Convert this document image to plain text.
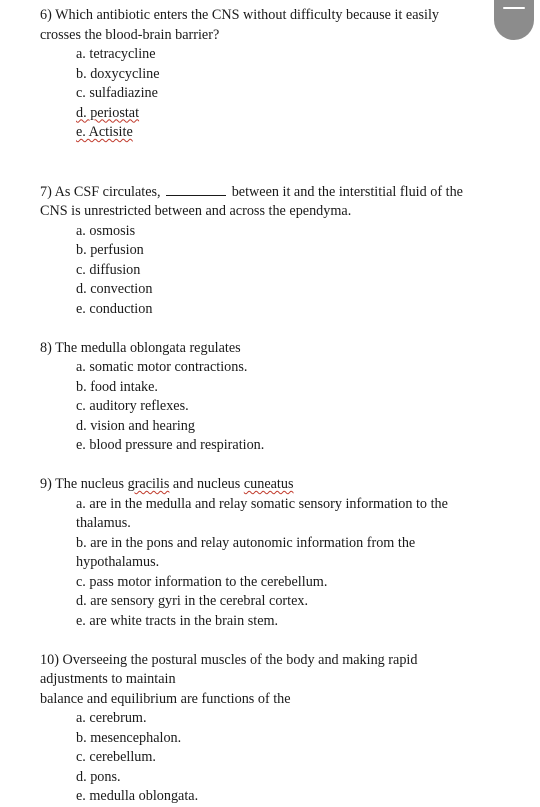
6) Which antibiotic enters the CNS without difficulty because it easily

crosses the blood-brain barrier?

a. tetracycline

b. doxycycline

c. sulfadiazine

d. periostat

e. Actisite

7) As CSF circulates,	between it and the interstitial fluid of the

CNS is unrestricted between and across the ependyma.

a. osmosis

b. perfusion

c. diffusion

d. convection

e. conduction

8) The medulla oblongata regulates

a. somatic motor contractions.

b. food intake.

c. auditory reflexes.

d. vision and hearing

e. blood pressure and respiration.

9) The nucleus gracilis and nucleus cuneatus

a. are in the medulla and relay somatic sensory information to the

thalamus.

b. are in the pons and relay autonomic information from the

hypothalamus.

c. pass motor information to the cerebellum.

d. are sensory gyri in the cerebral cortex.

e. are white tracts in the brain stem.

10) Overseeing the postural muscles of the body and making rapid

adjustments to maintain

balance and equilibrium are functions of the

a. cerebrum.

b. mesencephalon.

c. cerebellum.

d. pons.

e. medulla oblongata.
